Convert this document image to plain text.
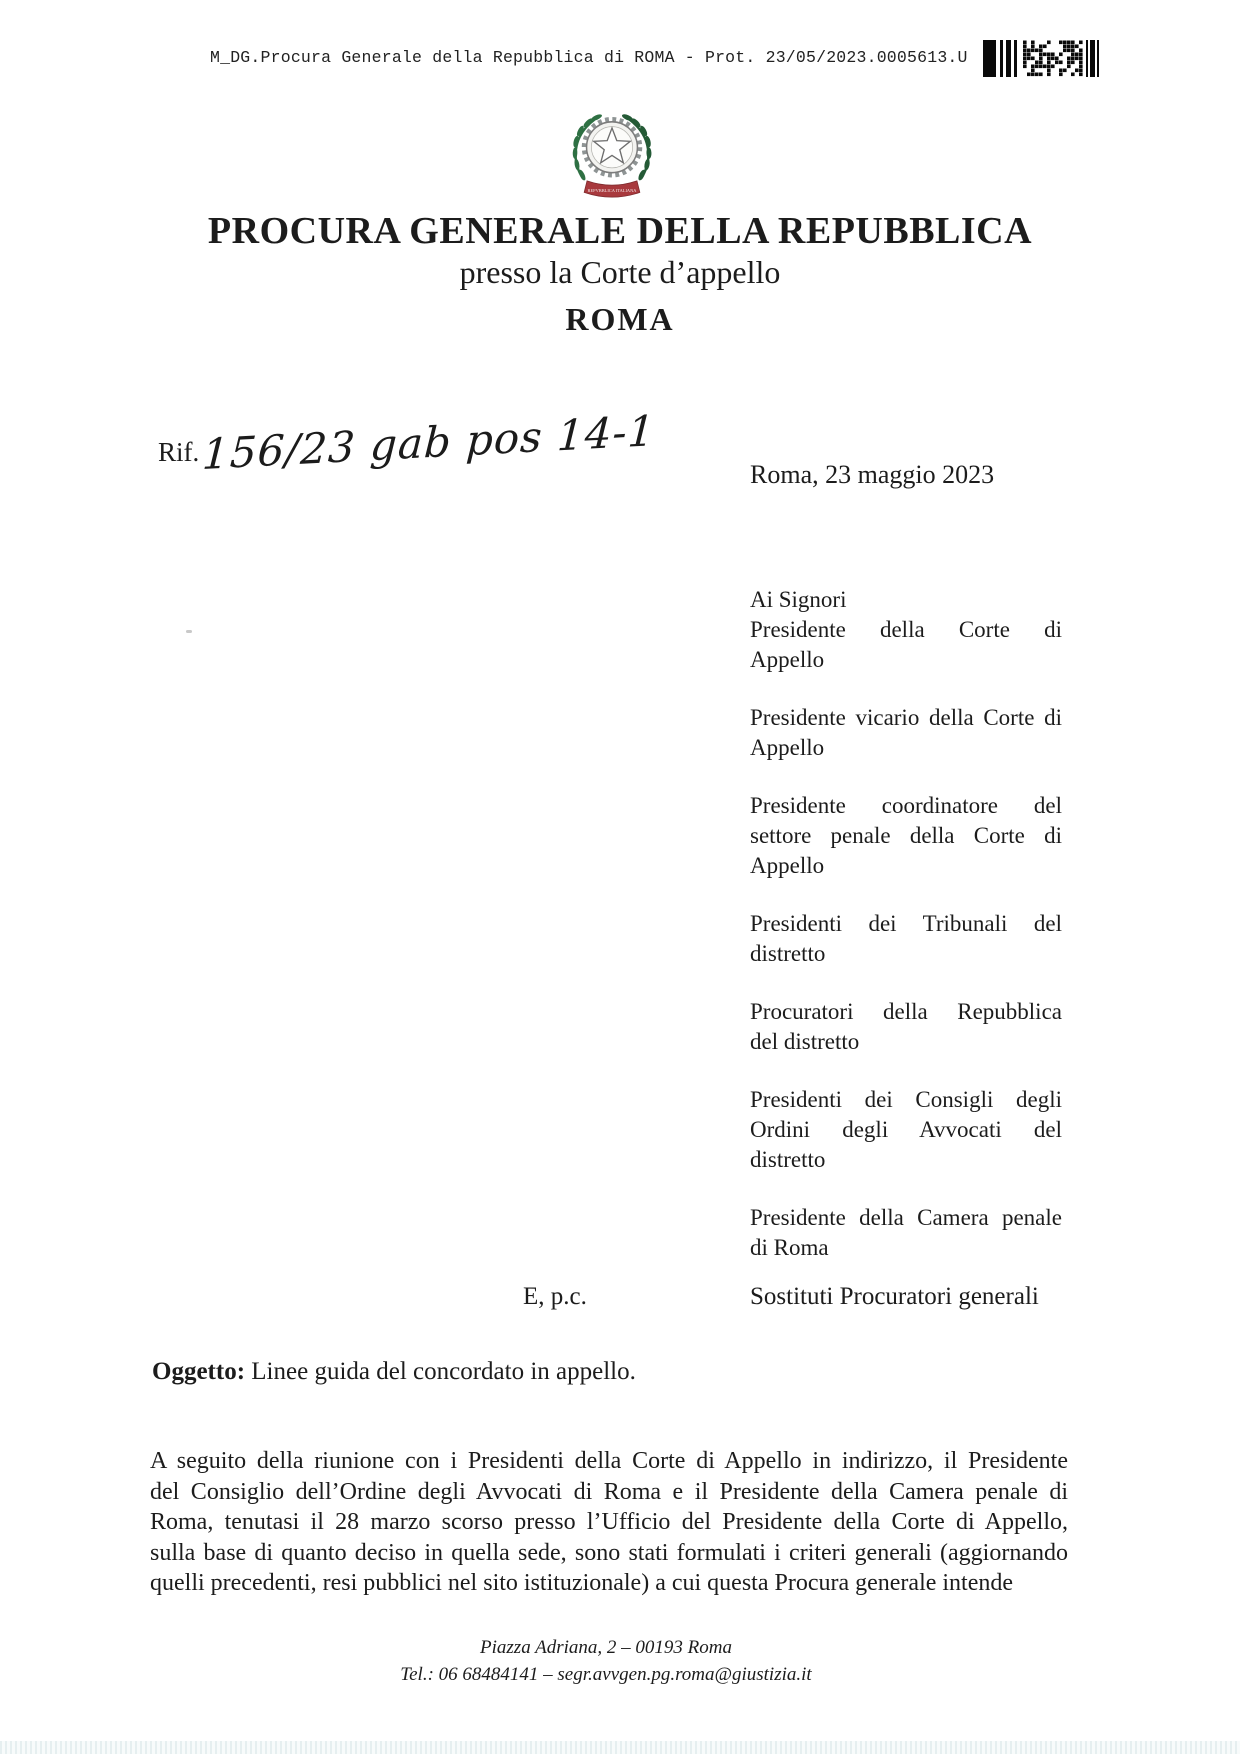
M_DG.Procura Generale della Repubblica di ROMA - Prot. 23/05/2023.0005613.U
REPVBBLICA ITALIANA
PROCURA GENERALE DELLA REPUBBLICA
presso la Corte d’appello
ROMA
Rif.156/23 gab pos 14-1	Roma, 23 maggio 2023
Ai Signori
Presidente della Corte di
Appello
Presidente vicario della Corte di
Appello
Presidente coordinatore del
settore penale della Corte di
Appello
Presidenti dei Tribunali del
distretto
Procuratori della Repubblica
del distretto
Presidenti dei Consigli degli
Ordini degli Avvocati del
distretto
Presidente della Camera penale
di Roma
E, p.c.	Sostituti Procuratori generali
Oggetto: Linee guida del concordato in appello.
A seguito della riunione con i Presidenti della Corte di Appello in indirizzo, il Presidente
del Consiglio dell’Ordine degli Avvocati di Roma e il Presidente della Camera penale di
Roma, tenutasi il 28 marzo scorso presso l’Ufficio del Presidente della Corte di Appello,
sulla base di quanto deciso in quella sede, sono stati formulati i criteri generali (aggiornando
quelli precedenti, resi pubblici nel sito istituzionale) a cui questa Procura generale intende
Piazza Adriana, 2 – 00193 Roma
Tel.: 06 68484141 – segr.avvgen.pg.roma@giustizia.it
